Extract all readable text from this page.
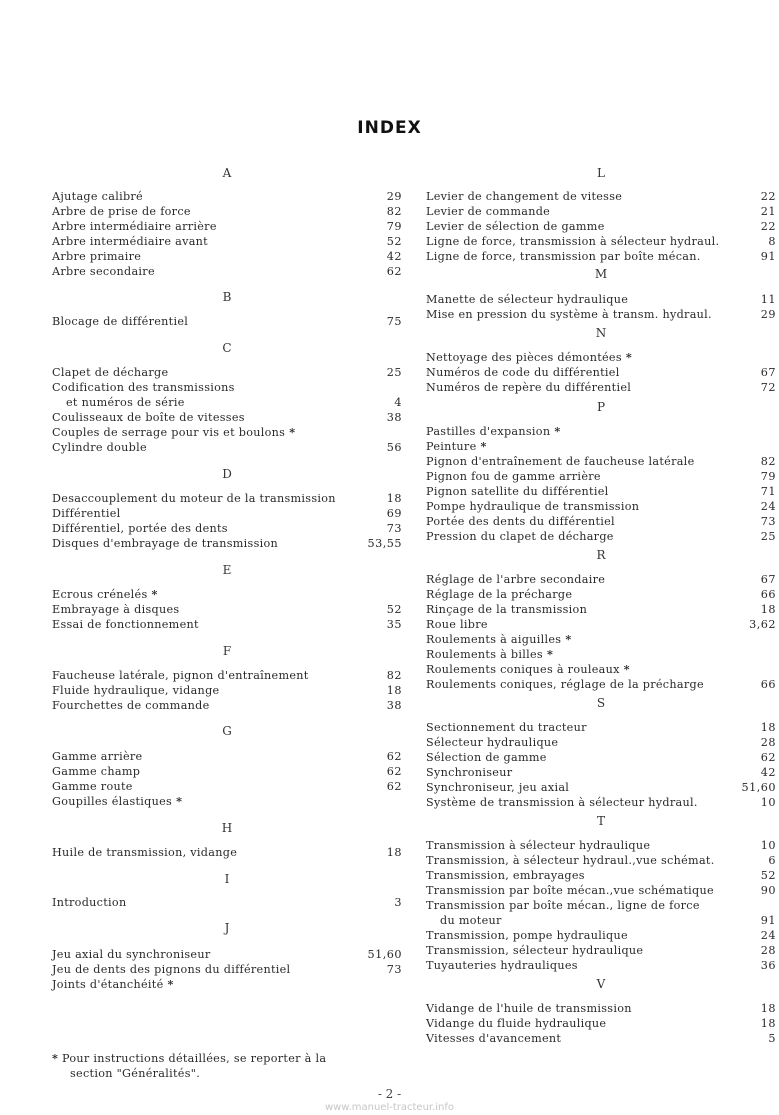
INDEX
A
Ajutage calibré	29
Arbre de prise de force	82
Arbre intermédiaire arrière	79
Arbre intermédiaire avant	52
Arbre primaire	42
Arbre secondaire	62
B
Blocage de différentiel	75
C
Clapet de décharge	25
Codification des transmissions
et numéros de série	4
Coulisseaux de boîte de vitesses	38
Couples de serrage pour vis et boulons *
Cylindre double	56
D
Desaccouplement du moteur de la transmission	18
Différentiel	69
Différentiel, portée des dents	73
Disques d'embrayage de transmission	53,55
E
Ecrous crénelés *
Embrayage à disques	52
Essai de fonctionnement	35
F
Faucheuse latérale, pignon d'entraînement	82
Fluide hydraulique, vidange	18
Fourchettes de commande	38
G
Gamme arrière	62
Gamme champ	62
Gamme route	62
Goupilles élastiques *
H
Huile de transmission, vidange	18
I
Introduction	3
J
Jeu axial du synchroniseur	51,60
Jeu de dents des pignons du différentiel	73
Joints d'étanchéité *
L
Levier de changement de vitesse	22
Levier de commande	21
Levier de sélection de gamme	22
Ligne de force, transmission à sélecteur hydraul.	8
Ligne de force, transmission par boîte mécan.	91
M
Manette de sélecteur hydraulique	11
Mise en pression du système à transm. hydraul.	29
N
Nettoyage des pièces démontées *
Numéros de code du différentiel	67
Numéros de repère du différentiel	72
P
Pastilles d'expansion *
Peinture *
Pignon d'entraînement de faucheuse latérale	82
Pignon fou de gamme arrière	79
Pignon satellite du différentiel	71
Pompe hydraulique de transmission	24
Portée des dents du différentiel	73
Pression du clapet de décharge	25
R
Réglage de l'arbre secondaire	67
Réglage de la précharge	66
Rinçage de la transmission	18
Roue libre	3,62
Roulements à aiguilles *
Roulements à billes *
Roulements coniques à rouleaux *
Roulements coniques, réglage de la précharge	66
S
Sectionnement du tracteur	18
Sélecteur hydraulique	28
Sélection de gamme	62
Synchroniseur	42
Synchroniseur, jeu axial	51,60
Système de transmission à sélecteur hydraul.	10
T
Transmission à sélecteur hydraulique	10
Transmission, à sélecteur hydraul.,vue schémat.	6
Transmission, embrayages	52
Transmission par boîte mécan.,vue schématique	90
Transmission par boîte mécan., ligne de force
du moteur	91
Transmission, pompe hydraulique	24
Transmission, sélecteur hydraulique	28
Tuyauteries hydrauliques	36
V
Vidange de l'huile de transmission	18
Vidange du fluide hydraulique	18
Vitesses d'avancement	5
* Pour instructions détaillées, se reporter à la
section "Généralités".
- 2 -
www.manuel-tracteur.info
